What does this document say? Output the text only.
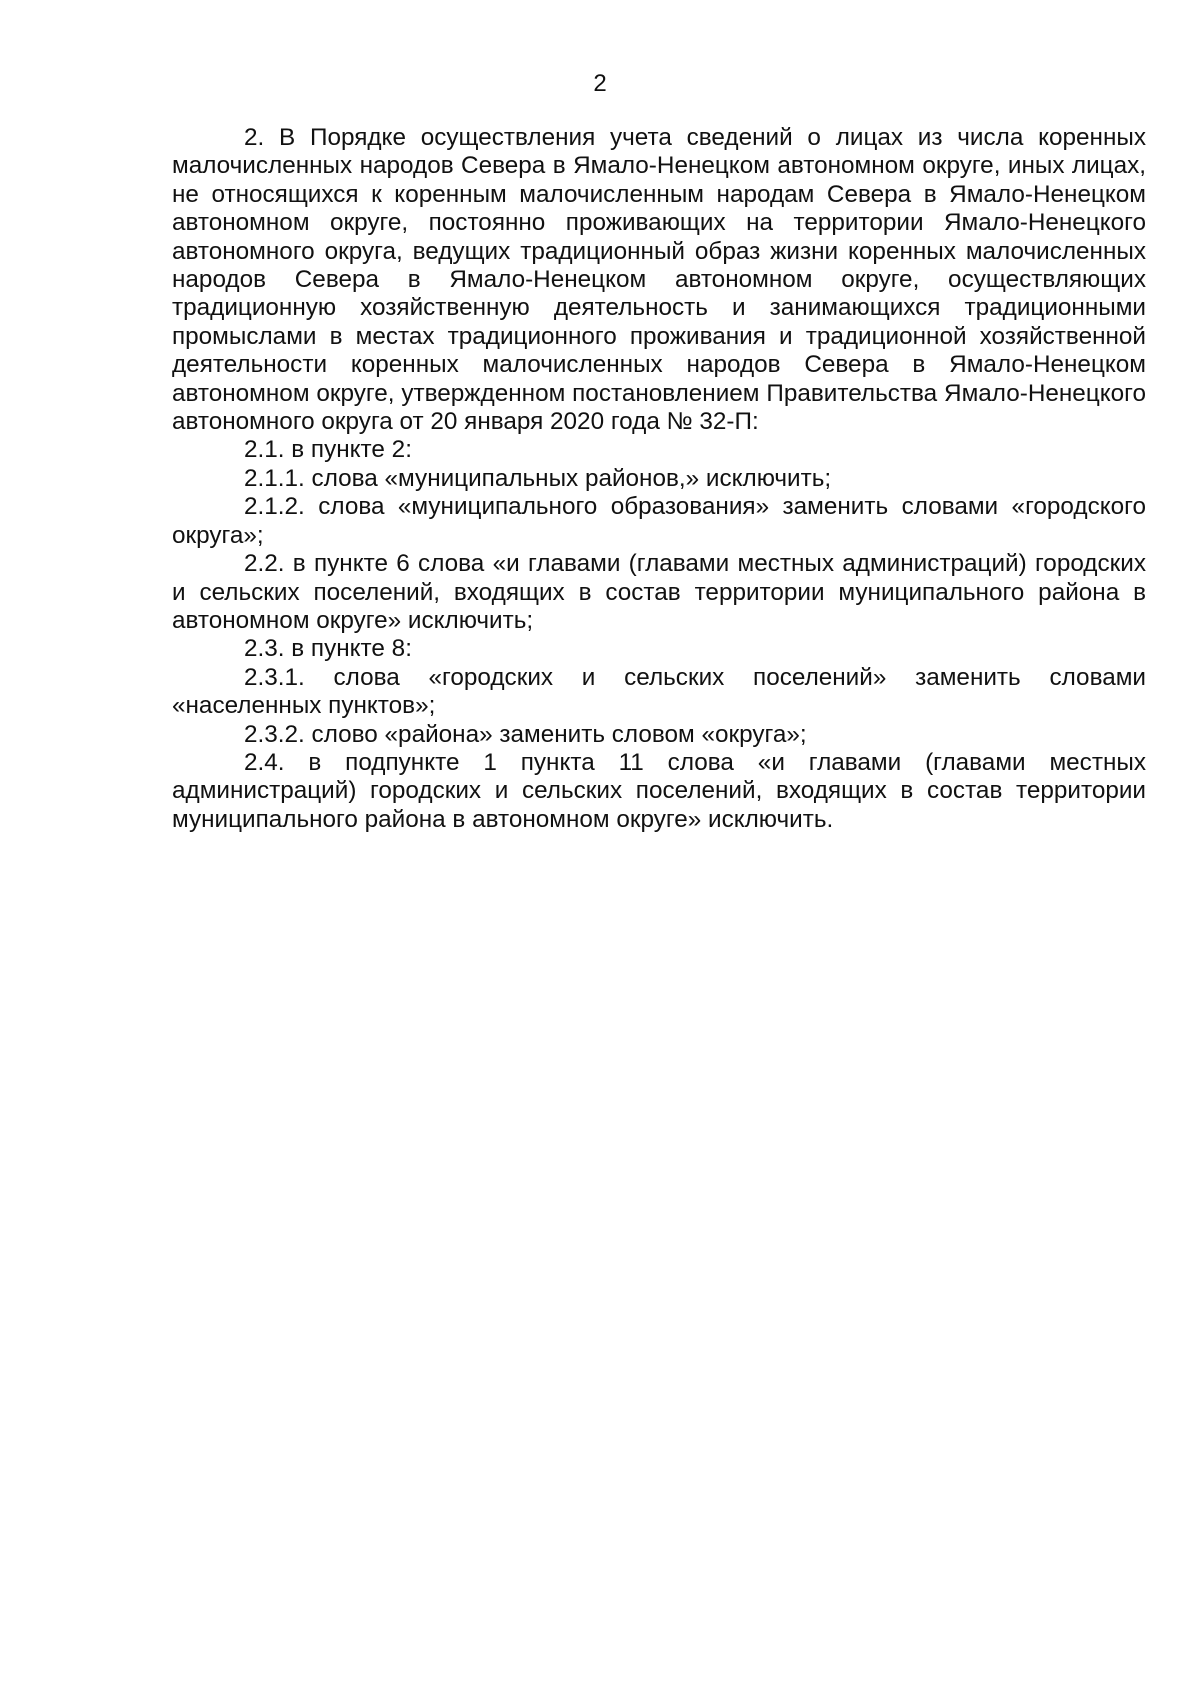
2

2. В Порядке осуществления учета сведений о лицах из числа коренных малочисленных народов Севера в Ямало-Ненецком автономном округе, иных лицах, не относящихся к коренным малочисленным народам Севера в Ямало-Ненецком автономном округе, постоянно проживающих на территории Ямало-Ненецкого автономного округа, ведущих традиционный образ жизни коренных малочисленных народов Севера в Ямало-Ненецком автономном округе, осуществляющих традиционную хозяйственную деятельность и занимающихся традиционными промыслами в местах традиционного проживания и традиционной хозяйственной деятельности коренных малочисленных народов Севера в Ямало-Ненецком автономном округе, утвержденном постановлением Правительства Ямало-Ненецкого автономного округа от 20 января 2020 года № 32-П:

2.1. в пункте 2:

2.1.1. слова «муниципальных районов,» исключить;

2.1.2. слова «муниципального образования» заменить словами «городского округа»;

2.2. в пункте 6 слова «и главами (главами местных администраций) городских и сельских поселений, входящих в состав территории муниципального района в автономном округе» исключить;

2.3. в пункте 8:

2.3.1. слова «городских и сельских поселений» заменить словами «населенных пунктов»;

2.3.2. слово «района» заменить словом «округа»;

2.4. в подпункте 1 пункта 11 слова «и главами (главами местных администраций) городских и сельских поселений, входящих в состав территории муниципального района в автономном округе» исключить.
